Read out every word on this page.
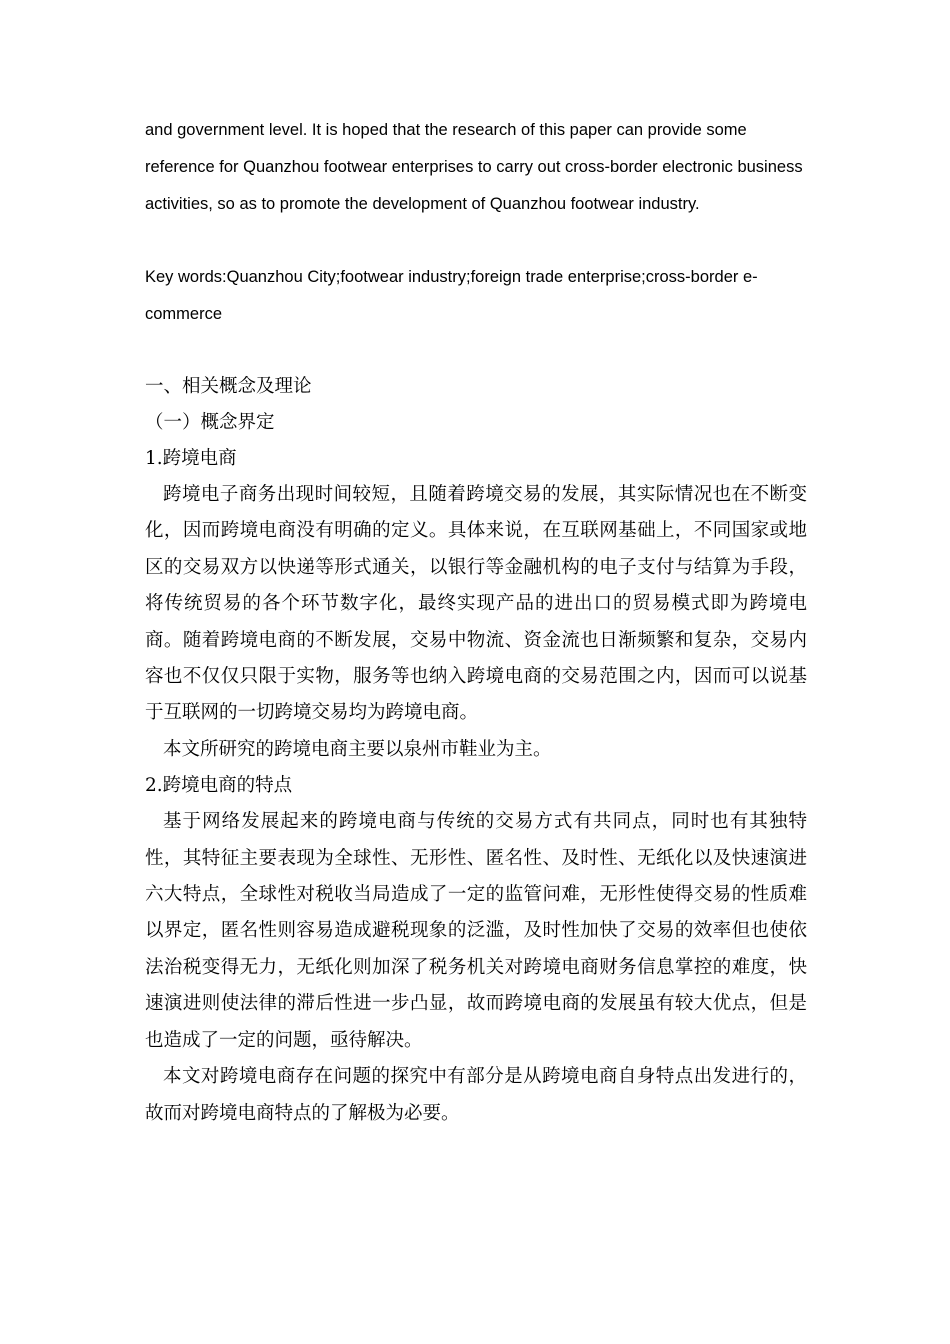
and government level. It is hoped that the research of this paper can provide some reference for Quanzhou footwear enterprises to carry out cross-border electronic business activities, so as to promote the development of Quanzhou footwear industry.

Key words:Quanzhou City;footwear industry;foreign trade enterprise;cross-border e-commerce

一、相关概念及理论

（一）概念界定

1.跨境电商

跨境电子商务出现时间较短，且随着跨境交易的发展，其实际情况也在不断变化，因而跨境电商没有明确的定义。具体来说，在互联网基础上，不同国家或地区的交易双方以快递等形式通关，以银行等金融机构的电子支付与结算为手段，将传统贸易的各个环节数字化，最终实现产品的进出口的贸易模式即为跨境电商。随着跨境电商的不断发展，交易中物流、资金流也日渐频繁和复杂，交易内容也不仅仅只限于实物，服务等也纳入跨境电商的交易范围之内，因而可以说基于互联网的一切跨境交易均为跨境电商。

本文所研究的跨境电商主要以泉州市鞋业为主。

2.跨境电商的特点

基于网络发展起来的跨境电商与传统的交易方式有共同点，同时也有其独特性，其特征主要表现为全球性、无形性、匿名性、及时性、无纸化以及快速演进六大特点，全球性对税收当局造成了一定的监管问难，无形性使得交易的性质难以界定，匿名性则容易造成避税现象的泛滥，及时性加快了交易的效率但也使依法治税变得无力，无纸化则加深了税务机关对跨境电商财务信息掌控的难度，快速演进则使法律的滞后性进一步凸显，故而跨境电商的发展虽有较大优点，但是也造成了一定的问题，亟待解决。

本文对跨境电商存在问题的探究中有部分是从跨境电商自身特点出发进行的，故而对跨境电商特点的了解极为必要。
